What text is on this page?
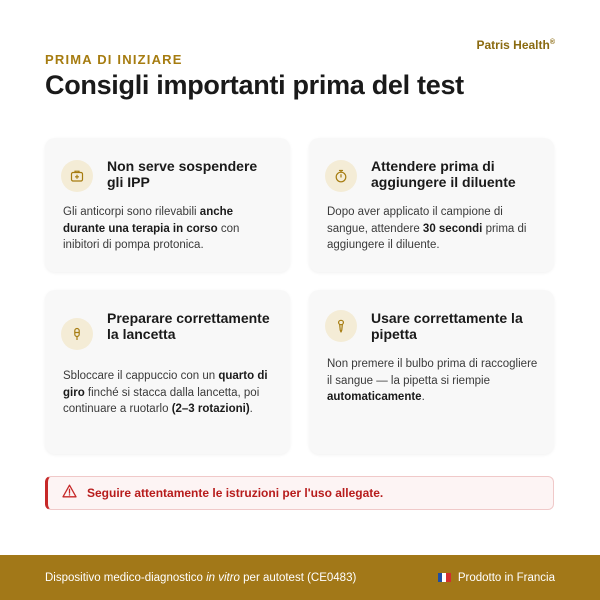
Patris Health®
PRIMA DI INIZIARE
Consigli importanti prima del test
Non serve sospendere gli IPP
Gli anticorpi sono rilevabili anche durante una terapia in corso con inibitori di pompa protonica.
Attendere prima di aggiungere il diluente
Dopo aver applicato il campione di sangue, attendere 30 secondi prima di aggiungere il diluente.
Preparare correttamente la lancetta
Sbloccare il cappuccio con un quarto di giro finché si stacca dalla lancetta, poi continuare a ruotarlo (2–3 rotazioni).
Usare correttamente la pipetta
Non premere il bulbo prima di raccogliere il sangue — la pipetta si riempie automaticamente.
Seguire attentamente le istruzioni per l'uso allegate.
Dispositivo medico-diagnostico in vitro per autotest (CE0483)	Prodotto in Francia
